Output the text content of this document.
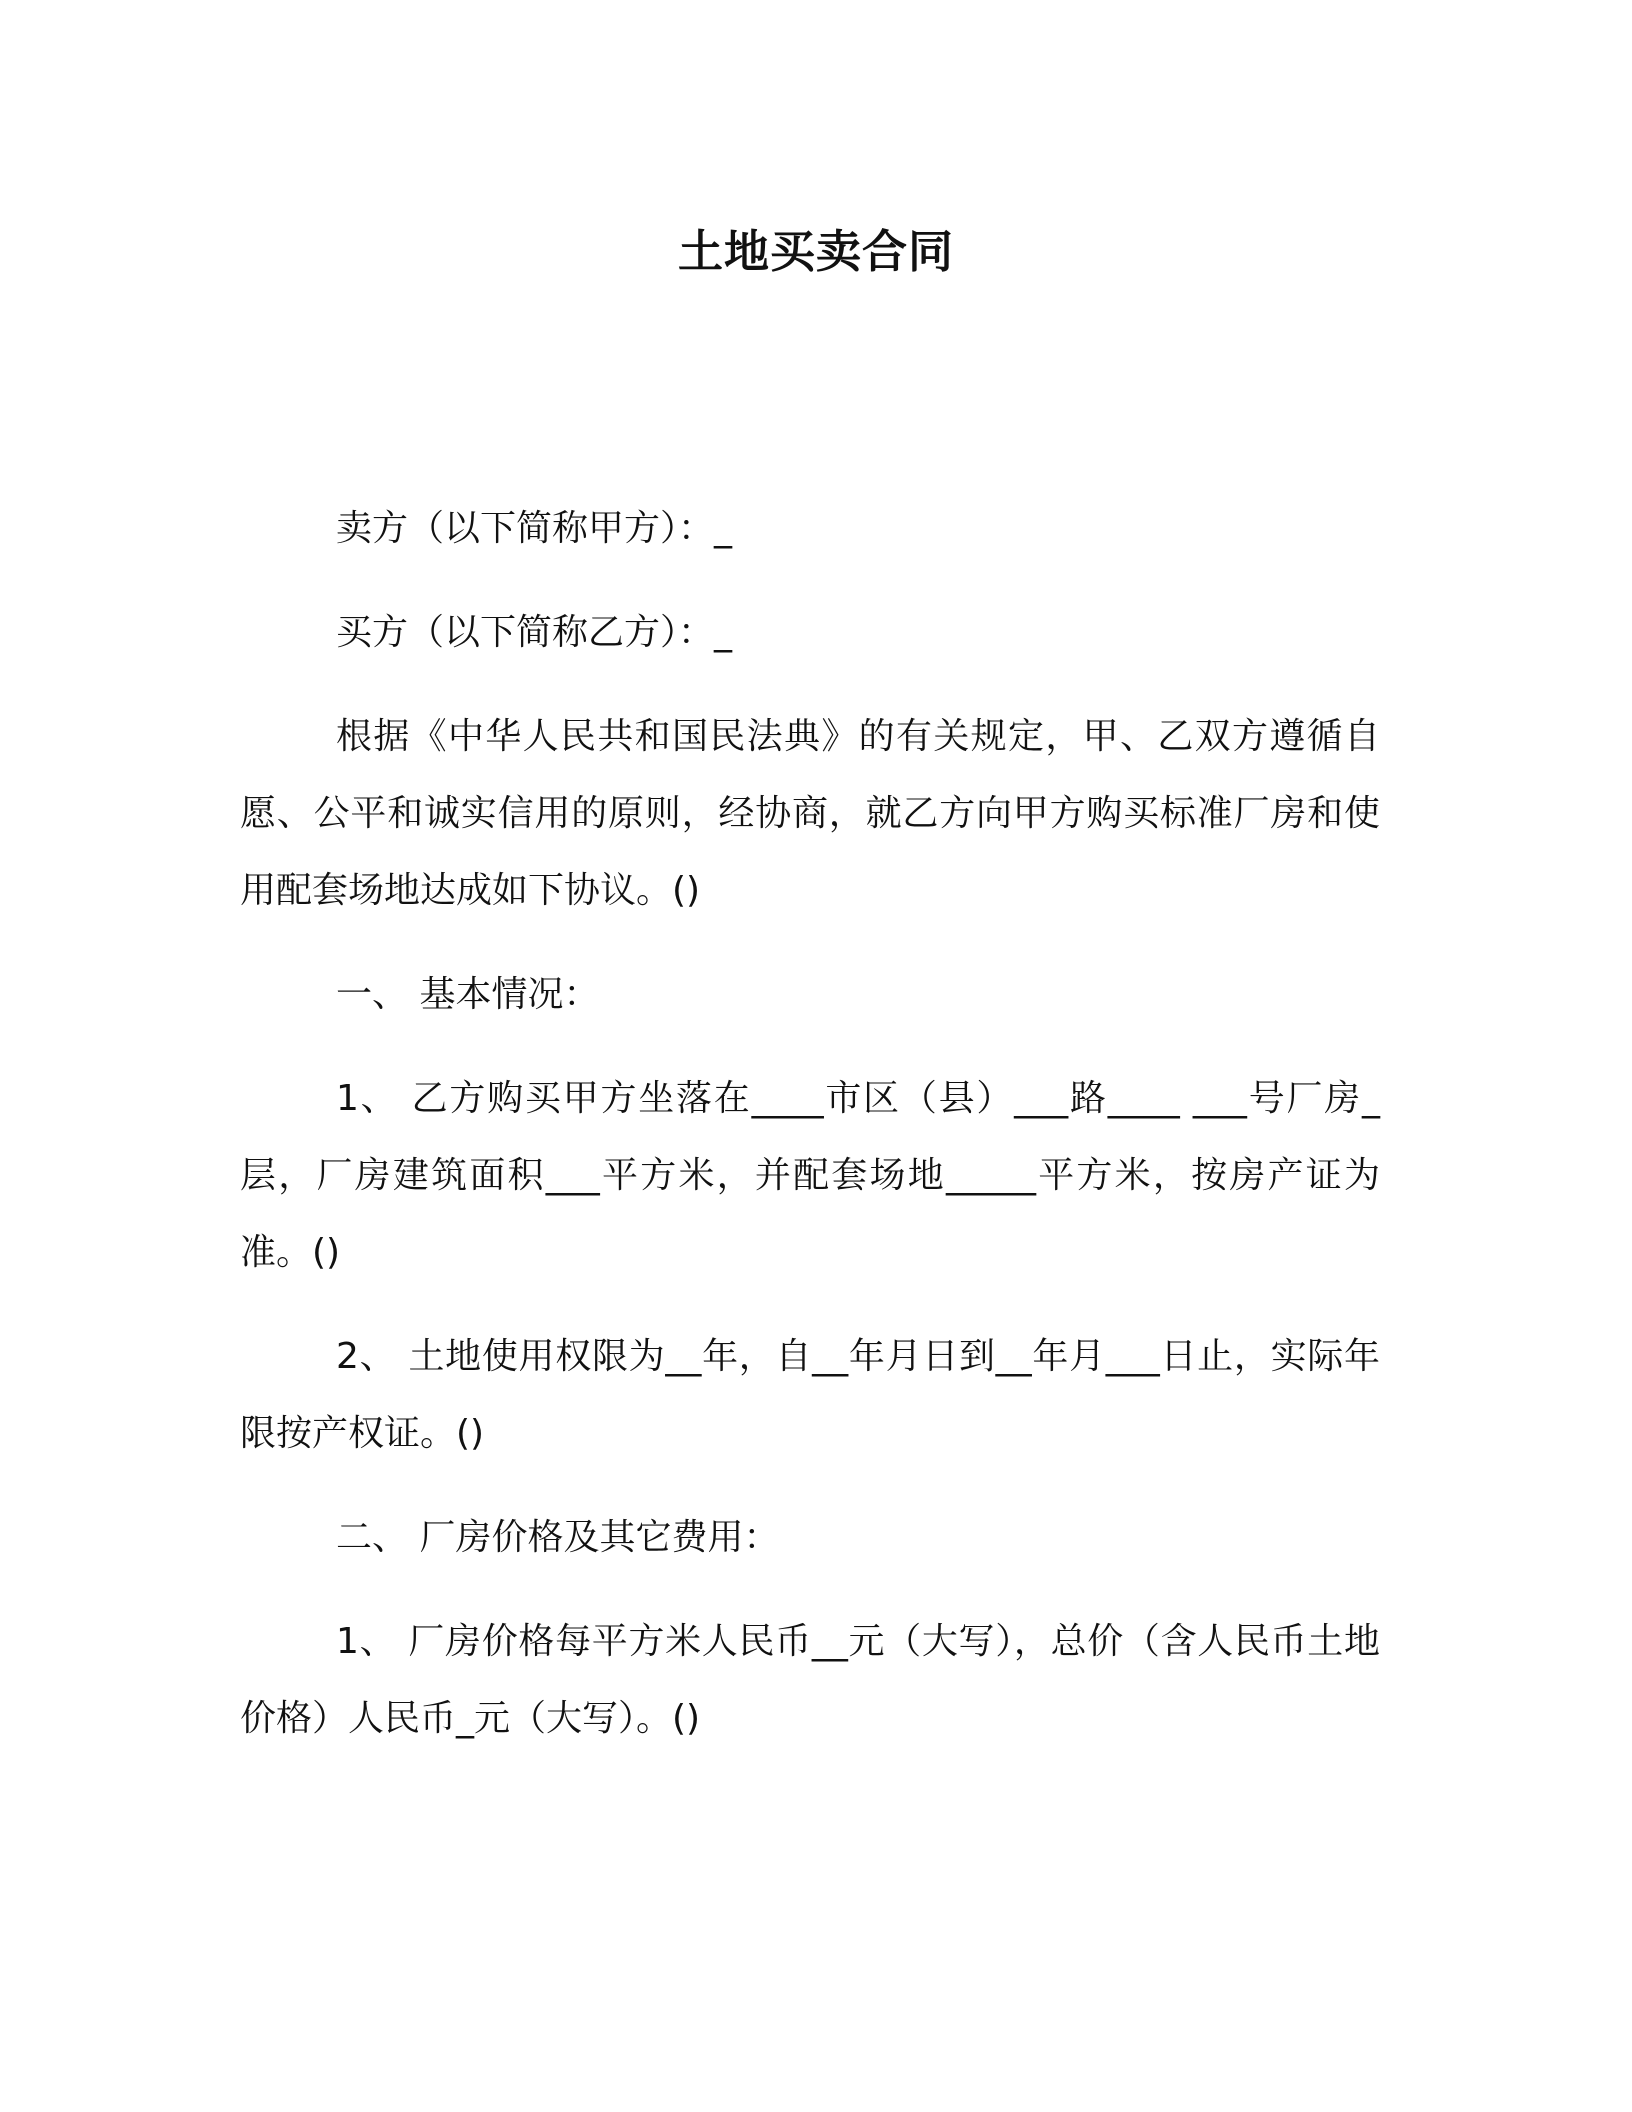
土地买卖合同

卖方（以下简称甲方）：_

买方（以下简称乙方）：_

根据《中华人民共和国民法典》的有关规定，甲、乙双方遵循自愿、公平和诚实信用的原则，经协商，就乙方向甲方购买标准厂房和使用配套场地达成如下协议。()

一、 基本情况：

1、 乙方购买甲方坐落在____市区（县）___路____ ___号厂房_层，厂房建筑面积___平方米，并配套场地_____平方米，按房产证为准。()

2、 土地使用权限为__年，自__年月日到__年月___日止，实际年限按产权证。()

二、 厂房价格及其它费用：

1、 厂房价格每平方米人民币__元（大写），总价（含人民币土地价格）人民币_元（大写）。()
